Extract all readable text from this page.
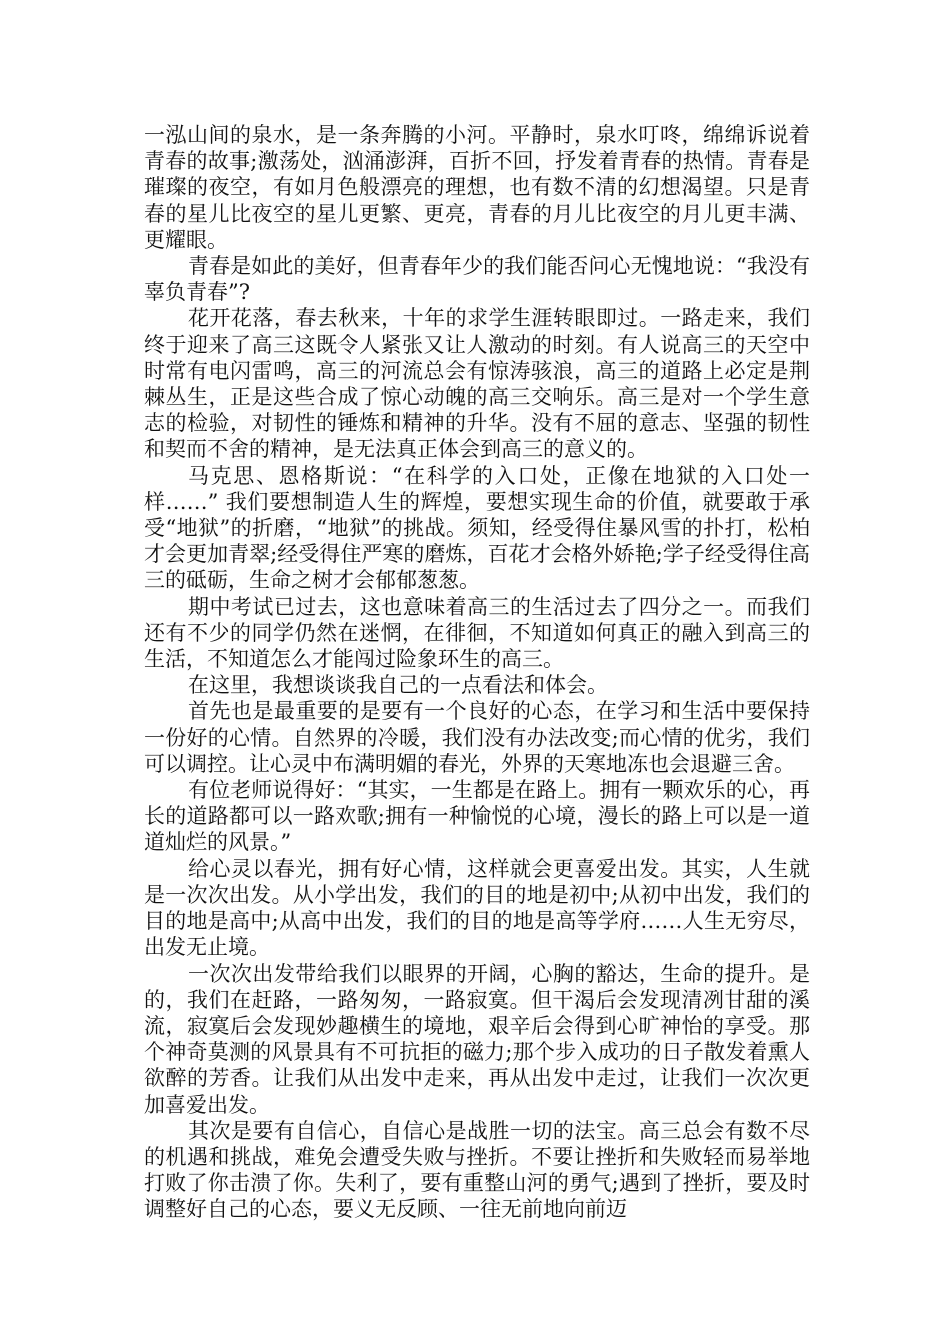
一泓山间的泉水，是一条奔腾的小河。平静时，泉水叮咚，绵绵诉说着青春的故事;激荡处，汹涌澎湃，百折不回，抒发着青春的热情。青春是璀璨的夜空，有如月色般漂亮的理想，也有数不清的幻想渴望。只是青春的星儿比夜空的星儿更繁、更亮，青春的月儿比夜空的月儿更丰满、更耀眼。

青春是如此的美好，但青春年少的我们能否问心无愧地说：“我没有辜负青春”?

花开花落，春去秋来，十年的求学生涯转眼即过。一路走来，我们终于迎来了高三这既令人紧张又让人激动的时刻。有人说高三的天空中时常有电闪雷鸣，高三的河流总会有惊涛骇浪，高三的道路上必定是荆棘丛生，正是这些合成了惊心动魄的高三交响乐。高三是对一个学生意志的检验，对韧性的锤炼和精神的升华。没有不屈的意志、坚强的韧性和契而不舍的精神，是无法真正体会到高三的意义的。

马克思、恩格斯说：“在科学的入口处，正像在地狱的入口处一样……” 我们要想制造人生的辉煌，要想实现生命的价值，就要敢于承受“地狱”的折磨，“地狱”的挑战。须知，经受得住暴风雪的扑打，松柏才会更加青翠;经受得住严寒的磨炼，百花才会格外娇艳;学子经受得住高三的砥砺，生命之树才会郁郁葱葱。

期中考试已过去，这也意味着高三的生活过去了四分之一。而我们还有不少的同学仍然在迷惘，在徘徊，不知道如何真正的融入到高三的生活，不知道怎么才能闯过险象环生的高三。

在这里，我想谈谈我自己的一点看法和体会。

首先也是最重要的是要有一个良好的心态，在学习和生活中要保持一份好的心情。自然界的冷暖，我们没有办法改变;而心情的优劣，我们可以调控。让心灵中布满明媚的春光，外界的天寒地冻也会退避三舍。

有位老师说得好：“其实，一生都是在路上。拥有一颗欢乐的心，再长的道路都可以一路欢歌;拥有一种愉悦的心境，漫长的路上可以是一道道灿烂的风景。”

给心灵以春光，拥有好心情，这样就会更喜爱出发。其实，人生就是一次次出发。从小学出发，我们的目的地是初中;从初中出发，我们的目的地是高中;从高中出发，我们的目的地是高等学府……人生无穷尽，出发无止境。

一次次出发带给我们以眼界的开阔，心胸的豁达，生命的提升。是的，我们在赶路，一路匆匆，一路寂寞。但干渴后会发现清冽甘甜的溪流，寂寞后会发现妙趣横生的境地，艰辛后会得到心旷神怡的享受。那个神奇莫测的风景具有不可抗拒的磁力;那个步入成功的日子散发着熏人欲醉的芳香。让我们从出发中走来，再从出发中走过，让我们一次次更加喜爱出发。

其次是要有自信心，自信心是战胜一切的法宝。高三总会有数不尽的机遇和挑战，难免会遭受失败与挫折。不要让挫折和失败轻而易举地打败了你击溃了你。失利了，要有重整山河的勇气;遇到了挫折，要及时调整好自己的心态，要义无反顾、一往无前地向前迈
